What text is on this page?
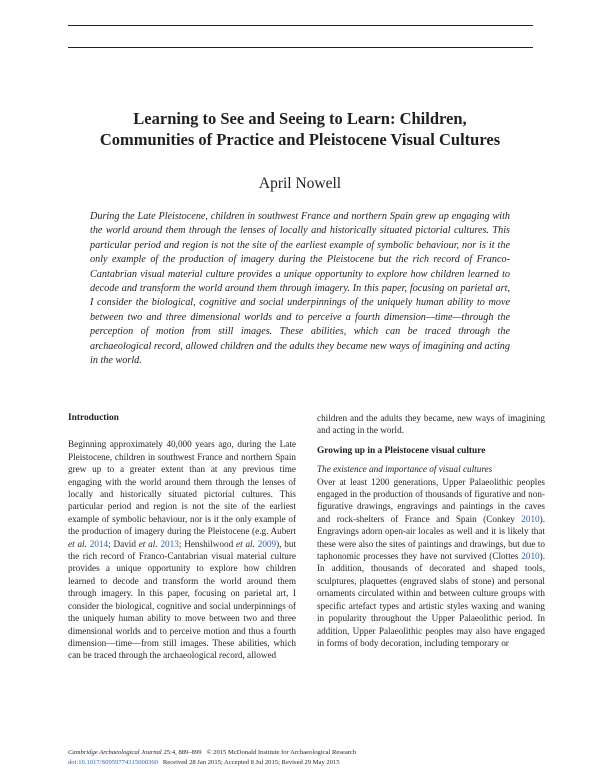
Learning to See and Seeing to Learn: Children,
Communities of Practice and Pleistocene Visual Cultures

April Nowell

During the Late Pleistocene, children in southwest France and northern Spain grew up engaging with the world around them through the lenses of locally and historically situated pictorial cultures. This particular period and region is not the site of the earliest example of symbolic behaviour, nor is it the only example of the production of imagery during the Pleistocene but the rich record of Franco-Cantabrian visual material culture provides a unique opportunity to explore how children learned to decode and transform the world around them through imagery. In this paper, focusing on parietal art, I consider the biological, cognitive and social underpinnings of the uniquely human ability to move between two and three dimensional worlds and to perceive a fourth dimension—time—through the perception of motion from still images. These abilities, which can be traced through the archaeological record, allowed children and the adults they became new ways of imagining and acting in the world.

Introduction

Beginning approximately 40,000 years ago, during the Late Pleistocene, children in southwest France and northern Spain grew up to a greater extent than at any previous time engaging with the world around them through the lenses of locally and historically situated pictorial cultures. This particular period and region is not the site of the earliest example of symbolic behaviour, nor is it the only example of the production of imagery during the Pleistocene (e.g. Aubert et al. 2014; David et al. 2013; Henshilwood et al. 2009), but the rich record of Franco-Cantabrian visual material culture provides a unique opportunity to explore how children learned to decode and transform the world around them through imagery. In this paper, focusing on parietal art, I consider the biological, cognitive and social underpinnings of the uniquely human ability to move between two and three dimensional worlds and to perceive motion and thus a fourth dimension—time—from still images. These abilities, which can be traced through the archaeological record, allowed

children and the adults they became, new ways of imagining and acting in the world.

Growing up in a Pleistocene visual culture
The existence and importance of visual cultures

Over at least 1200 generations, Upper Palaeolithic peoples engaged in the production of thousands of figurative and non-figurative drawings, engravings and paintings in the caves and rock-shelters of France and Spain (Conkey 2010). Engravings adorn open-air locales as well and it is likely that these were also the sites of paintings and drawings, but due to taphonomic processes they have not survived (Clottes 2010). In addition, thousands of decorated and shaped tools, sculptures, plaquettes (engraved slabs of stone) and personal ornaments circulated within and between culture groups with specific artefact types and artistic styles waxing and waning in popularity throughout the Upper Palaeolithic period. In addition, Upper Palaeolithic peoples may also have engaged in forms of body decoration, including temporary or

Cambridge Archaeological Journal 25:4, 889–899 © 2015 McDonald Institute for Archaeological Research
doi:10.1017/S0959774315000360 Received 28 Jan 2015; Accepted 8 Jul 2015; Revised 29 May 2015
